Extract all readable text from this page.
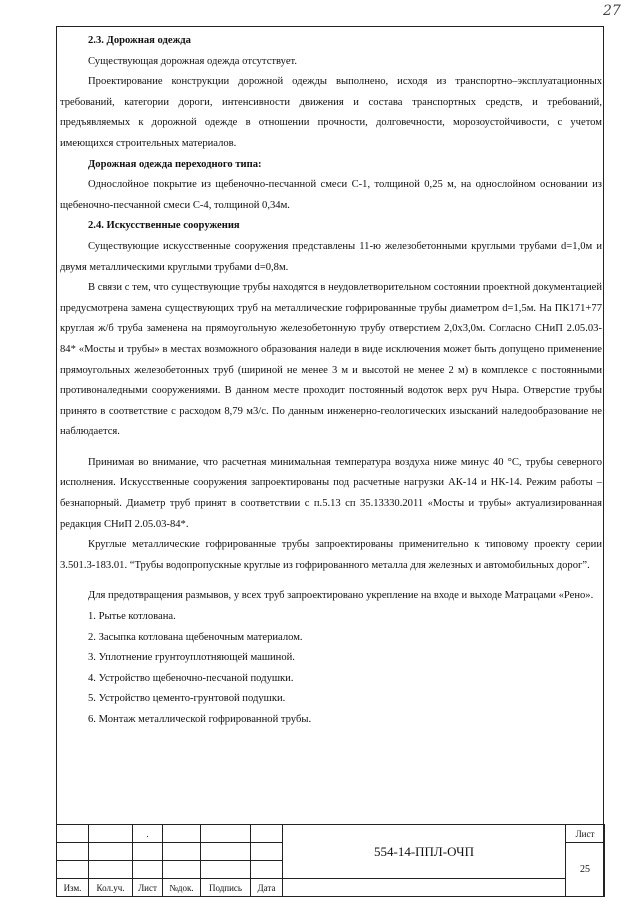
27
2.3. Дорожная одежда

Существующая дорожная одежда отсутствует.

Проектирование конструкции дорожной одежды выполнено, исходя из транспортно–эксплуатационных требований, категории дороги, интенсивности движения и состава транспортных средств, и требований, предъявляемых к дорожной одежде в отношении прочности, долговечности, морозоустойчивости, с учетом имеющихся строительных материалов.

Дорожная одежда переходного типа:

Однослойное покрытие из щебеночно-песчанной смеси С-1, толщиной 0,25 м, на однослойном основании из щебеночно-песчанной смеси С-4, толщиной 0,34м.

2.4. Искусственные сооружения

Существующие искусственные сооружения представлены 11-ю железобетонными круглыми трубами d=1,0м и двумя металлическими круглыми трубами d=0,8м.

В связи с тем, что существующие трубы находятся в неудовлетворительном состоянии проектной документацией предусмотрена замена существующих труб на металлические гофрированные трубы диаметром d=1,5м. На ПК171+77 круглая ж/б труба заменена на прямоугольную железобетонную трубу отверстием 2,0х3,0м. Согласно СНиП 2.05.03-84* «Мосты и трубы» в местах возможного образования наледи в виде исключения может быть допущено применение прямоугольных железобетонных труб (шириной не менее 3 м и высотой не менее 2 м) в комплексе с постоянными противоналедными сооружениями. В данном месте проходит постоянный водоток верх руч Ныра. Отверстие трубы принято в соответствие с расходом 8,79 м3/с. По данным инженерно-геологических изысканий наледообразование не наблюдается.

Принимая во внимание, что расчетная минимальная температура воздуха ниже минус 40 °С, трубы северного исполнения. Искусственные сооружения запроектированы под расчетные нагрузки АК-14 и НК-14. Режим работы – безнапорный. Диаметр труб принят в соответствии с п.5.13 сп 35.13330.2011 «Мосты и трубы» актуализированная редакция СНиП 2.05.03-84*.

Круглые металлические гофрированные трубы запроектированы применительно к типовому проекту серии 3.501.3-183.01. “Трубы водопропускные круглые из гофрированного металла для железных и автомобильных дорог”.

Для предотвращения размывов, у всех труб запроектировано укрепление на входе и выходе Матрацами «Рено».

1. Рытье котлована.

2. Засыпка котлована щебеночным материалом.

3. Уплотнение грунтоуплотняющей машиной.

4. Устройство щебеночно-песчаной подушки.

5. Устройство цементо-грунтовой подушки.

6. Монтаж металлической гофрированной трубы.

		.				554-14-ППЛ-ОЧП	Лист
							25

Изм.	Кол.уч.	Лист	№док.	Подпись	Дата		
